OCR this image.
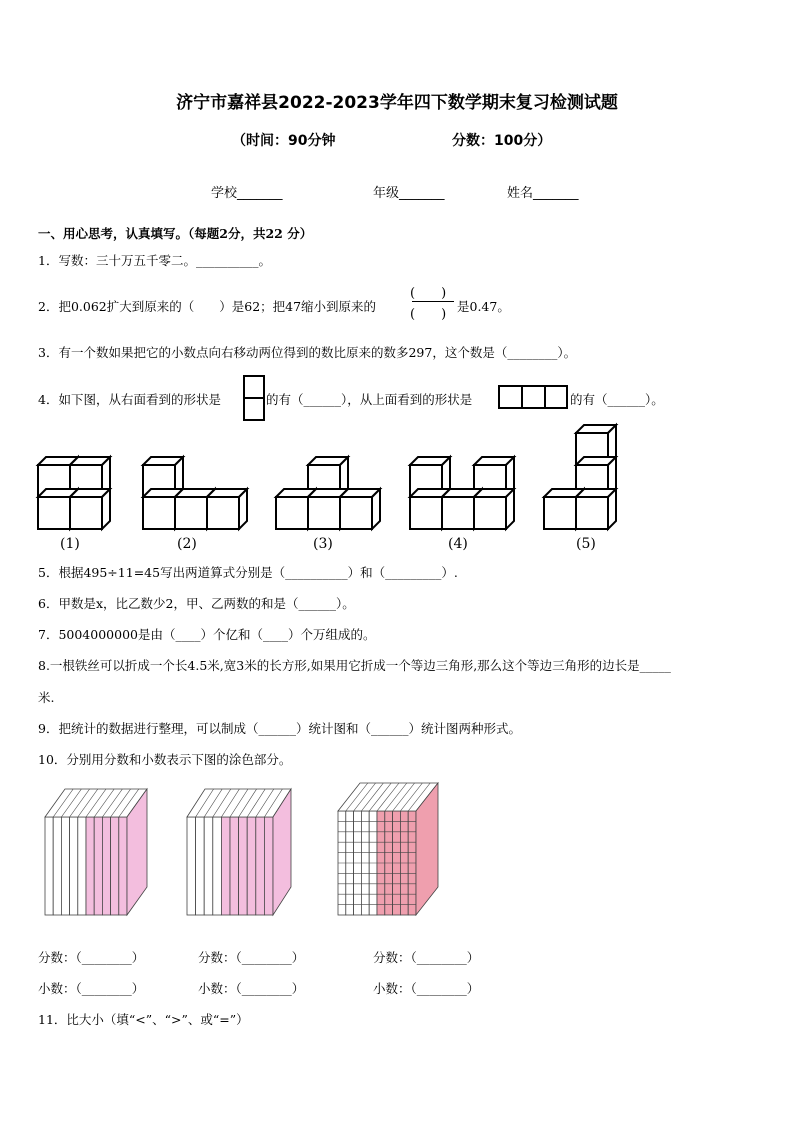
济宁市嘉祥县2022-2023学年四下数学期末复习检测试题
（时间：90分钟	分数：100分）
学校_______	年级_______	姓名_______
一、用心思考，认真填写。（每题2分，共22 分）
1．写数：三十万五千零二。__________。
2．把0.062扩大到原来的（　　）是62；把47缩小到原来的
(　　)
(　　)
是0.47。
3．有一个数如果把它的小数点向右移动两位得到的数比原来的数多297，这个数是（________）。
4．如下图，从右面看到的形状是	的有（______），从上面看到的形状是	的有（______）。
(1)	(2)	(3)	(4)	(5)
5．根据495÷11=45写出两道算式分别是（__________）和（_________）.
6．甲数是x，比乙数少2，甲、乙两数的和是（______）。
7．5004000000是由（____）个亿和（____）个万组成的。
8.一根铁丝可以折成一个长4.5米,宽3米的长方形,如果用它折成一个等边三角形,那么这个等边三角形的边长是_____
米.
9．把统计的数据进行整理，可以制成（______）统计图和（______）统计图两种形式。
10．分别用分数和小数表示下图的涂色部分。
分数：（________）	分数：（________）	分数：（________）
小数：（________）	小数：（________）	小数：（________）
11．比大小（填“<”、“>”、或“=”）
